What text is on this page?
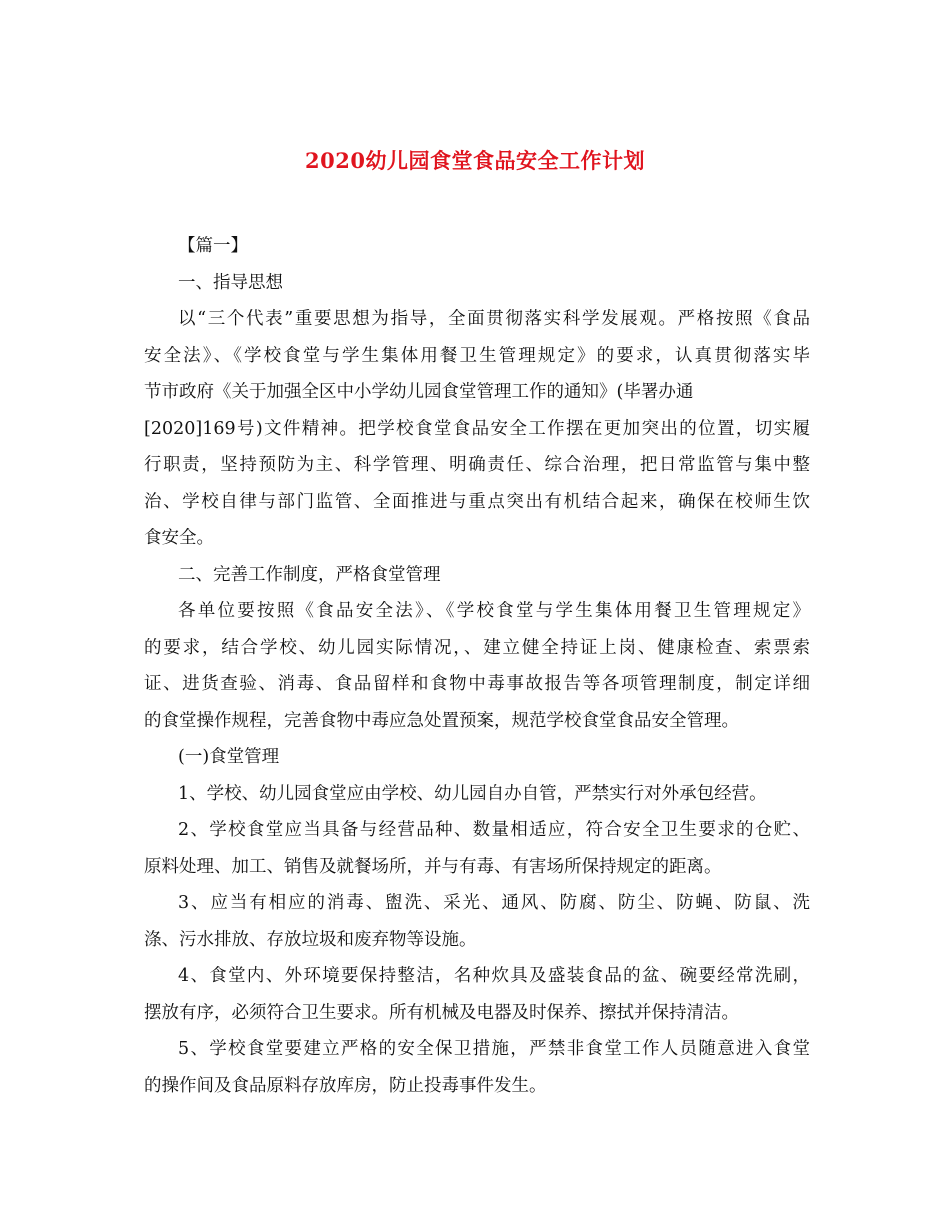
2020幼儿园食堂食品安全工作计划

【篇一】

一、指导思想

以“三个代表”重要思想为指导，全面贯彻落实科学发展观。严格按照《食品

安全法》、《学校食堂与学生集体用餐卫生管理规定》的要求，认真贯彻落实毕

节市政府《关于加强全区中小学幼儿园食堂管理工作的通知》(毕署办通

[2020]169号)文件精神。把学校食堂食品安全工作摆在更加突出的位置，切实履

行职责，坚持预防为主、科学管理、明确责任、综合治理，把日常监管与集中整

治、学校自律与部门监管、全面推进与重点突出有机结合起来，确保在校师生饮

食安全。

二、完善工作制度，严格食堂管理

各单位要按照《食品安全法》、《学校食堂与学生集体用餐卫生管理规定》

的要求，结合学校、幼儿园实际情况，、建立健全持证上岗、健康检查、索票索

证、进货查验、消毒、食品留样和食物中毒事故报告等各项管理制度，制定详细

的食堂操作规程，完善食物中毒应急处置预案，规范学校食堂食品安全管理。

(一)食堂管理

1、学校、幼儿园食堂应由学校、幼儿园自办自管，严禁实行对外承包经营。

2、学校食堂应当具备与经营品种、数量相适应，符合安全卫生要求的仓贮、

原料处理、加工、销售及就餐场所，并与有毒、有害场所保持规定的距离。

3、应当有相应的消毒、盥洗、采光、通风、防腐、防尘、防蝇、防鼠、洗

涤、污水排放、存放垃圾和废弃物等设施。

4、食堂内、外环境要保持整洁，名种炊具及盛装食品的盆、碗要经常洗刷，

摆放有序，必须符合卫生要求。所有机械及电器及时保养、擦拭并保持清洁。

5、学校食堂要建立严格的安全保卫措施，严禁非食堂工作人员随意进入食堂

的操作间及食品原料存放库房，防止投毒事件发生。
